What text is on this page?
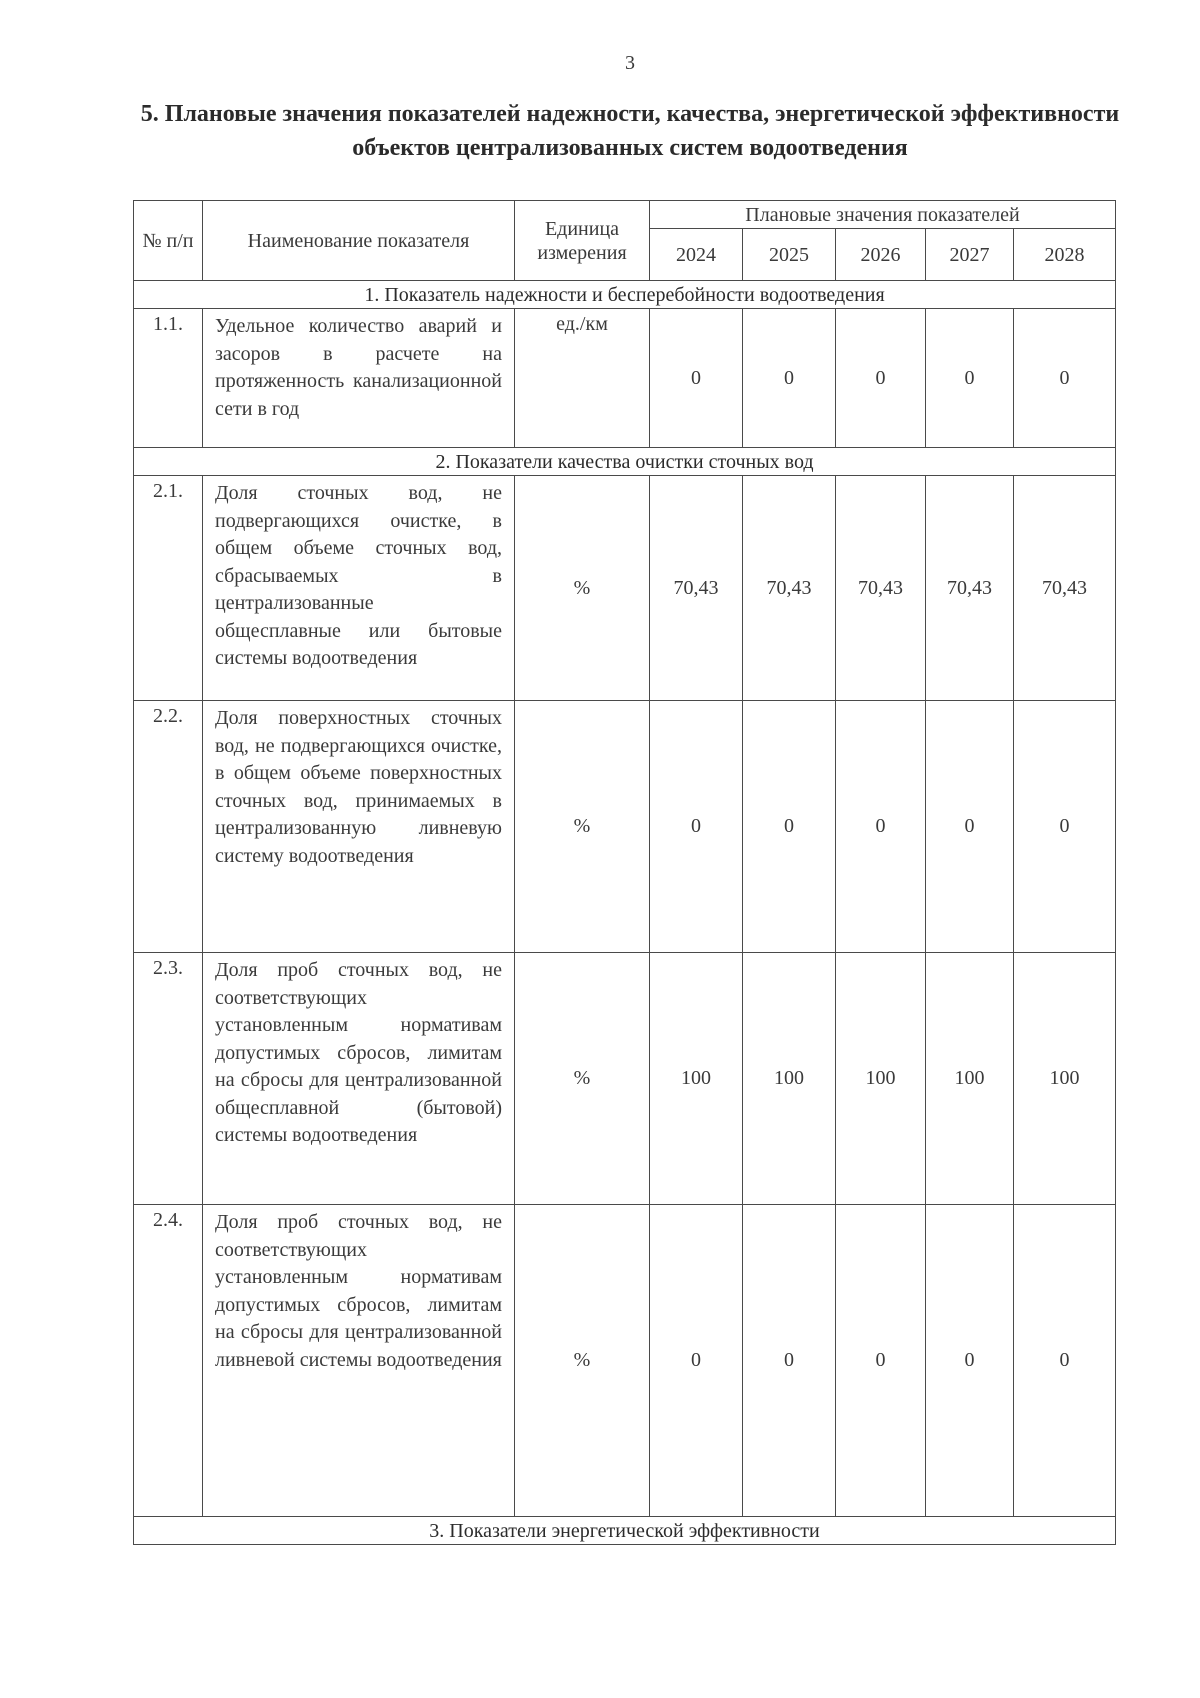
3
5. Плановые значения показателей надежности, качества, энергетической эффективности объектов централизованных систем водоотведения
№ п/п	Наименование показателя	Единица измерения	Плановые значения показателей				
			2024	2025	2026	2027	2028
1. Показатель надежности и бесперебойности водоотведения							
1.1.	Удельное количество аварий и засоров в расчете на протяженность канализационной сети в год	ед./км	0	0	0	0	0
2. Показатели качества очистки сточных вод							
2.1.	Доля сточных вод, не подвергающихся очистке, в общем объеме сточных вод, сбрасываемых в централизованные общесплавные или бытовые системы водоотведения	%	70,43	70,43	70,43	70,43	70,43
2.2.	Доля поверхностных сточных вод, не подвергающихся очистке, в общем объеме поверхностных сточных вод, принимаемых в централизованную ливневую систему водоотведения	%	0	0	0	0	0
2.3.	Доля проб сточных вод, не соответствующих установленным нормативам допустимых сбросов, лимитам на сбросы для централизованной общесплавной (бытовой) системы водоотведения	%	100	100	100	100	100
2.4.	Доля проб сточных вод, не соответствующих установленным нормативам допустимых сбросов, лимитам на сбросы для централизованной ливневой системы водоотведения	%	0	0	0	0	0
3. Показатели энергетической эффективности							
